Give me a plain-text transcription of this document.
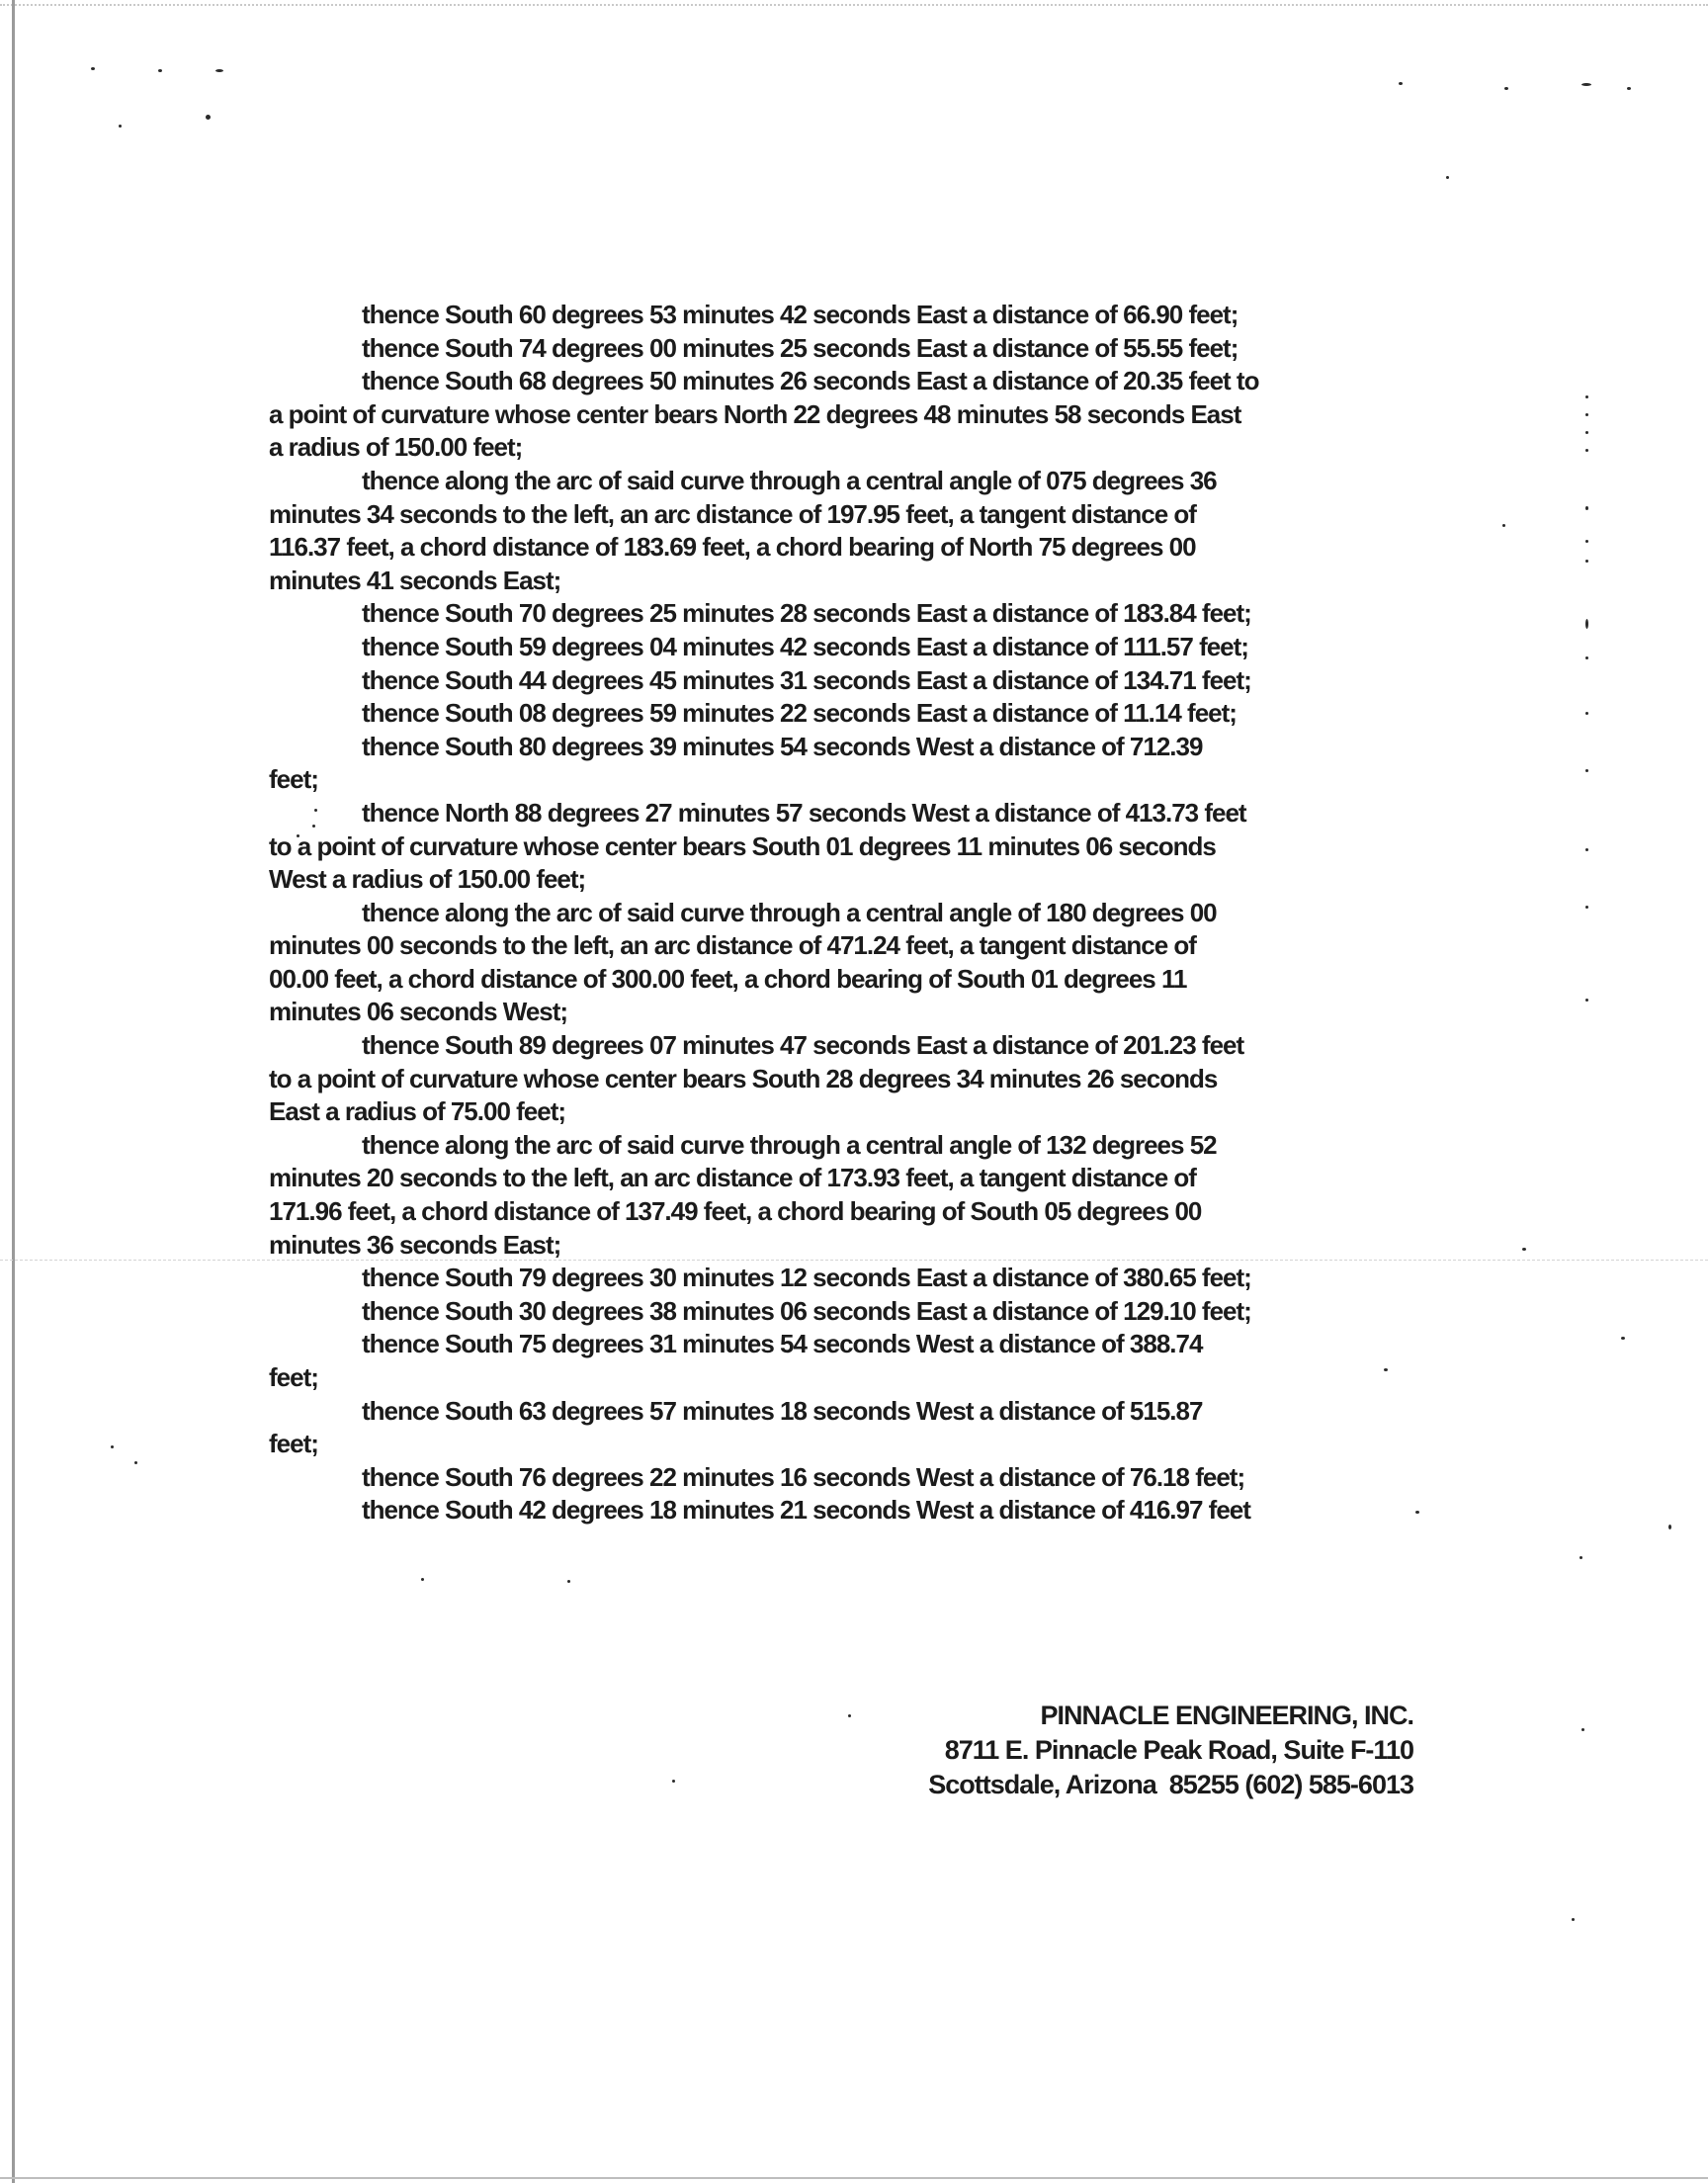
thence South 60 degrees 53 minutes 42 seconds East a distance of 66.90 feet;
thence South 74 degrees 00 minutes 25 seconds East a distance of 55.55 feet;
thence South 68 degrees 50 minutes 26 seconds East a distance of 20.35 feet to
a point of curvature whose center bears North 22 degrees 48 minutes 58 seconds East
a radius of 150.00 feet;
thence along the arc of said curve through a central angle of 075 degrees 36
minutes 34 seconds to the left, an arc distance of 197.95 feet, a tangent distance of
116.37 feet, a chord distance of 183.69 feet, a chord bearing of North 75 degrees 00
minutes 41 seconds East;
thence South 70 degrees 25 minutes 28 seconds East a distance of 183.84 feet;
thence South 59 degrees 04 minutes 42 seconds East a distance of 111.57 feet;
thence South 44 degrees 45 minutes 31 seconds East a distance of 134.71 feet;
thence South 08 degrees 59 minutes 22 seconds East a distance of 11.14 feet;
thence South 80 degrees 39 minutes 54 seconds West a distance of 712.39
feet;
thence North 88 degrees 27 minutes 57 seconds West a distance of 413.73 feet
to a point of curvature whose center bears South 01 degrees 11 minutes 06 seconds
West a radius of 150.00 feet;
thence along the arc of said curve through a central angle of 180 degrees 00
minutes 00 seconds to the left, an arc distance of 471.24 feet, a tangent distance of
00.00 feet, a chord distance of 300.00 feet, a chord bearing of South 01 degrees 11
minutes 06 seconds West;
thence South 89 degrees 07 minutes 47 seconds East a distance of 201.23 feet
to a point of curvature whose center bears South 28 degrees 34 minutes 26 seconds
East a radius of 75.00 feet;
thence along the arc of said curve through a central angle of 132 degrees 52
minutes 20 seconds to the left, an arc distance of 173.93 feet, a tangent distance of
171.96 feet, a chord distance of 137.49 feet, a chord bearing of South 05 degrees 00
minutes 36 seconds East;
thence South 79 degrees 30 minutes 12 seconds East a distance of 380.65 feet;
thence South 30 degrees 38 minutes 06 seconds East a distance of 129.10 feet;
thence South 75 degrees 31 minutes 54 seconds West a distance of 388.74
feet;
thence South 63 degrees 57 minutes 18 seconds West a distance of 515.87
feet;
thence South 76 degrees 22 minutes 16 seconds West a distance of 76.18 feet;
thence South 42 degrees 18 minutes 21 seconds West a distance of 416.97 feet
PINNACLE ENGINEERING, INC.
8711 E. Pinnacle Peak Road, Suite F-110
Scottsdale, Arizona  85255 (602) 585-6013
